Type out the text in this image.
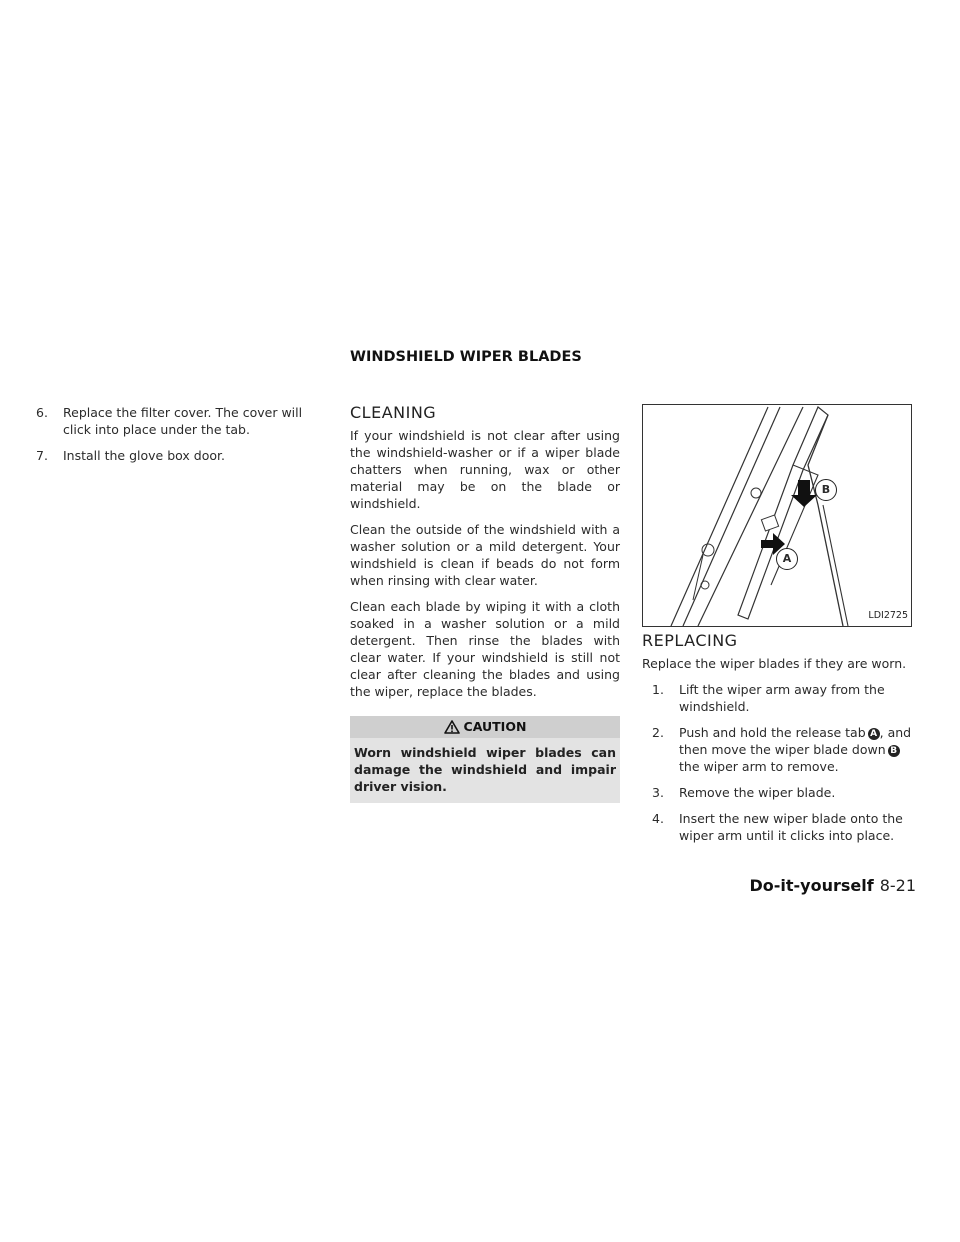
WINDSHIELD WIPER BLADES
6. Replace the filter cover. The cover will click into place under the tab.
7. Install the glove box door.
CLEANING

If your windshield is not clear after using the windshield-washer or if a wiper blade chatters when running, wax or other material may be on the blade or windshield.

Clean the outside of the windshield with a washer solution or a mild detergent. Your windshield is clean if beads do not form when rinsing with clear water.

Clean each blade by wiping it with a cloth soaked in a washer solution or a mild detergent. Then rinse the blades with clear water. If your windshield is still not clear after cleaning the blades and using the wiper, replace the blades.

CAUTION
Worn windshield wiper blades can damage the windshield and impair driver vision.
B
A
LDI2725
REPLACING

Replace the wiper blades if they are worn.

1. Lift the wiper arm away from the windshield.
2. Push and hold the release tab A , and then move the wiper blade down B the wiper arm to remove.
3. Remove the wiper blade.
4. Insert the new wiper blade onto the wiper arm until it clicks into place.
Do-it-yourself 8-21
